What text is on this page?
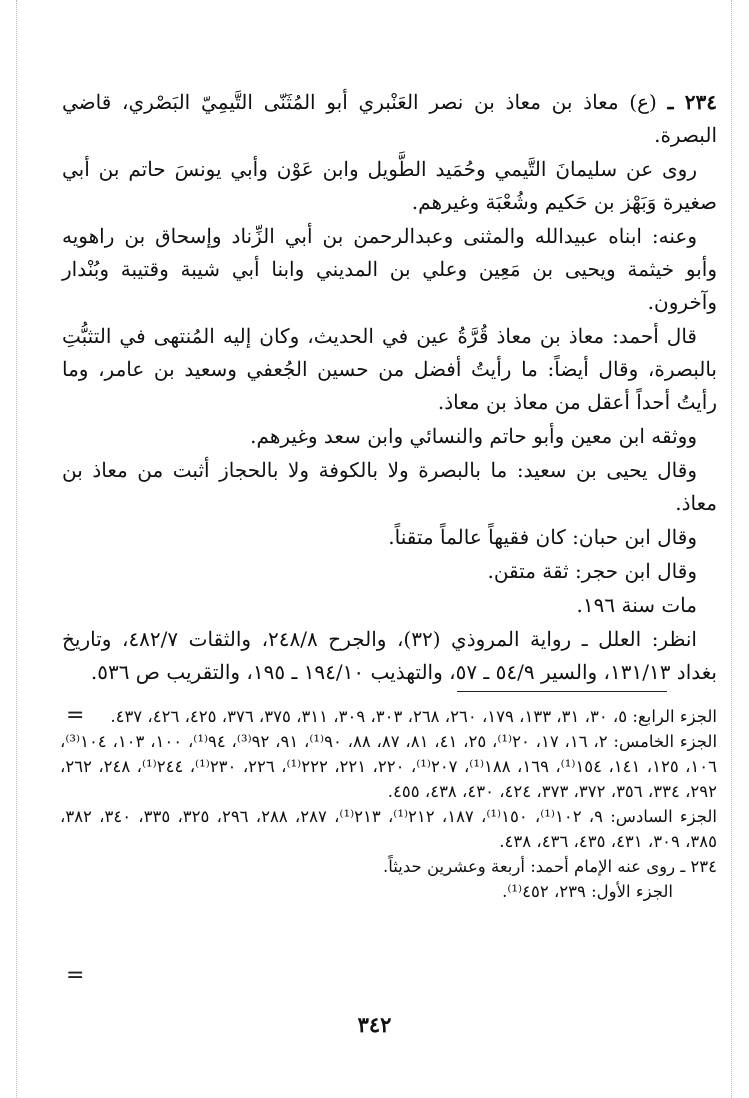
٢٣٤ ـ (ع) معاذ بن معاذ بن نصر العَنْبري أبو المُثَنّى التَّيمِيّ البَصْري، قاضي البصرة.

روى عن سليمانَ التَّيمي وحُمَيد الطَّويل وابن عَوْن وأبي يونسَ حاتم بن أبي صغيرة وَبَهْز بن حَكيم وشُعْبَة وغيرهم.

وعنه: ابناه عبيدالله والمثنى وعبدالرحمن بن أبي الزِّناد وإسحاق بن راهويه وأبو خيثمة ويحيى بن مَعِين وعلي بن المديني وابنا أبي شيبة وقتيبة وبُنْدار وآخرون.

قال أحمد: معاذ بن معاذ قُرَّةُ عين في الحديث، وكان إليه المُنتهى في التثبُّتِ بالبصرة، وقال أيضاً: ما رأيتُ أفضل من حسين الجُعفي وسعيد بن عامر، وما رأيتُ أحداً أعقل من معاذ بن معاذ.

ووثقه ابن معين وأبو حاتم والنسائي وابن سعد وغيرهم.

وقال يحيى بن سعيد: ما بالبصرة ولا بالكوفة ولا بالحجاز أثبت من معاذ بن معاذ.

وقال ابن حبان: كان فقيهاً عالماً متقناً.

وقال ابن حجر: ثقة متقن.

مات سنة ١٩٦.

انظر: العلل ـ رواية المروذي (٣٢)، والجرح ٢٤٨/٨، والثقات ٤٨٢/٧، وتاريخ بغداد ١٣١/١٣، والسير ٥٤/٩ ـ ٥٧، والتهذيب ١٩٤/١٠ ـ ١٩٥، والتقريب ص ٥٣٦.

=	الجزء الرابع: ٥، ٣٠، ٣١، ١٣٣، ١٧٩، ٢٦٠، ٢٦٨، ٣٠٣، ٣٠٩، ٣١١، ٣٧٥، ٣٧٦، ٤٢٥، ٤٢٦، ٤٣٧.

الجزء الخامس: ٢، ١٦، ١٧، ٢٠⁽¹⁾، ٢٥، ٤١، ٨١، ٨٧، ٨٨، ٩٠⁽¹⁾، ٩١، ٩٢⁽³⁾، ٩٤⁽¹⁾، ١٠٠، ١٠٣، ١٠٤⁽³⁾، ١٠٦، ١٢٥، ١٤١، ١٥٤⁽¹⁾، ١٦٩، ١٨٨⁽¹⁾، ٢٠٧⁽¹⁾، ٢٢٠، ٢٢١، ٢٢٢⁽¹⁾، ٢٢٦، ٢٣٠⁽¹⁾، ٢٤٤⁽¹⁾، ٢٤٨، ٢٦٢، ٢٩٢، ٣٣٤، ٣٥٦، ٣٧٢، ٣٧٣، ٤٢٤، ٤٣٠، ٤٣٨، ٤٥٥.

الجزء السادس: ٩، ١٠٢⁽¹⁾، ١٥٠⁽¹⁾، ١٨٧، ٢١٢⁽¹⁾، ٢١٣⁽¹⁾، ٢٨٧، ٢٨٨، ٢٩٦، ٣٢٥، ٣٣٥، ٣٤٠، ٣٨٢، ٣٨٥، ٣٠٩، ٤٣١، ٤٣٥، ٤٣٦، ٤٣٨.

٢٣٤ ـ روى عنه الإمام أحمد: أربعة وعشرين حديثاً.

الجزء الأول: ٢٣٩، ٤٥٢⁽¹⁾.

=
٣٤٢
